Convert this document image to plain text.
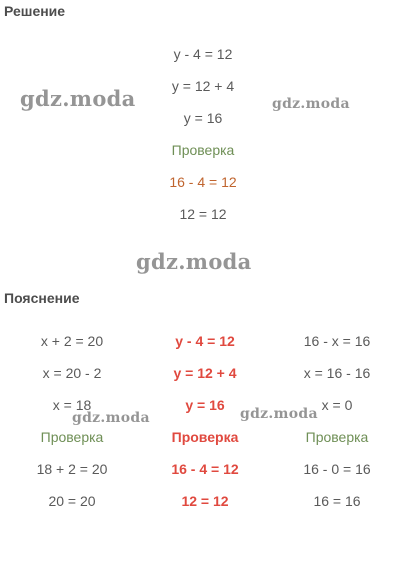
Решение
y - 4 = 12
y = 12 + 4
y = 16
Проверка
16 - 4 = 12
12 = 12
Пояснение
x + 2 = 20
x = 20 - 2
x = 18
Проверка
18 + 2 = 20
20 = 20
y - 4 = 12
y = 12 + 4
y = 16
Проверка
16 - 4 = 12
12 = 12
16 - x = 16
x = 16 - 16
x = 0
Проверка
16 - 0 = 16
16 = 16
gdz.moda	gdz.moda
gdz.moda
gdz.moda	gdz.moda
